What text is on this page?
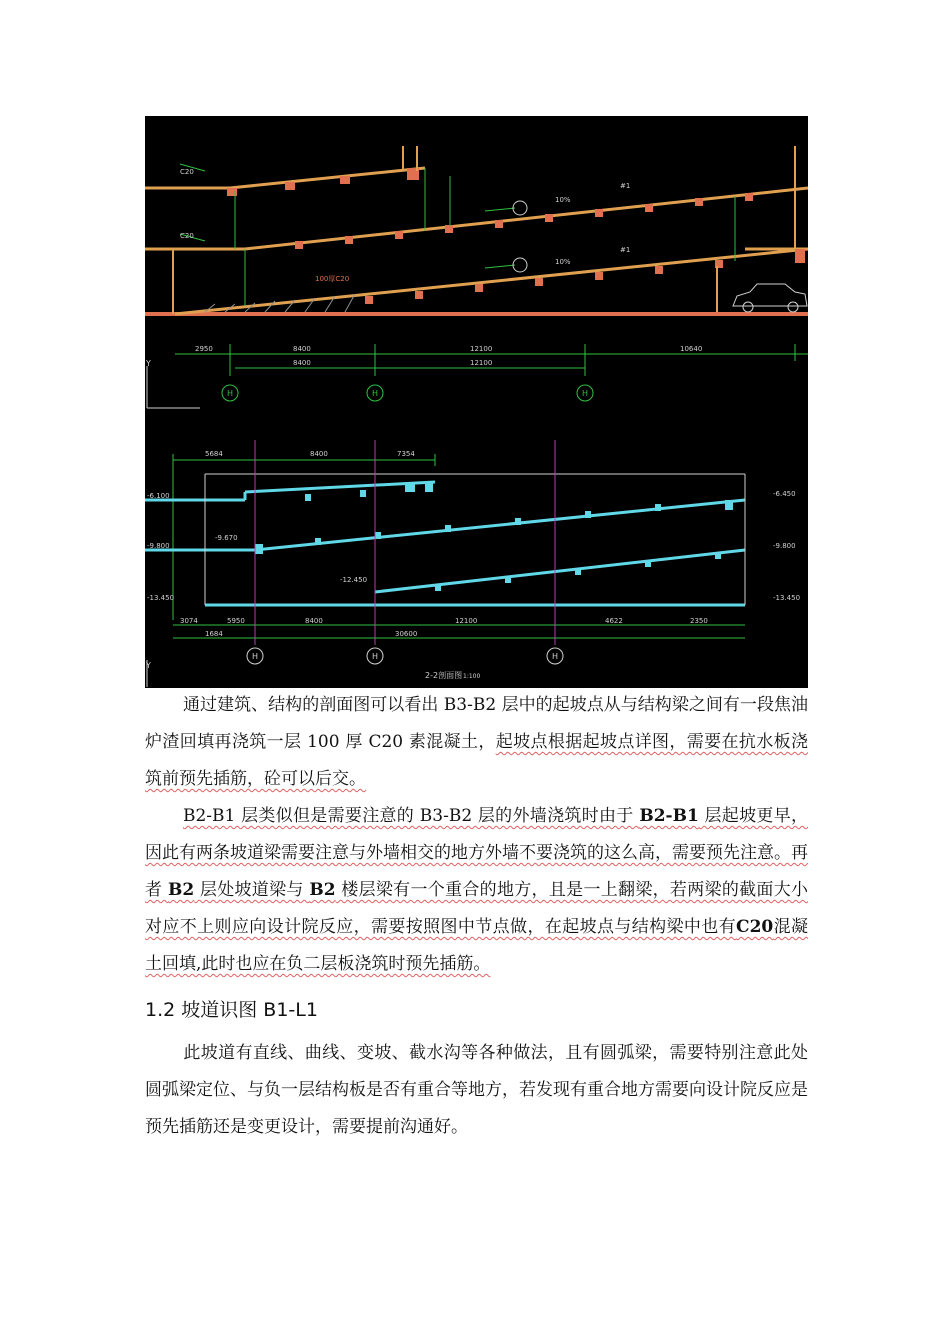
C20
C20
100厚C20
10%
10%
#1
#1
2950	8400	12100	10640
8400	12100
H	H	H
Y
5684	8400	7354
-6.100
-9.800
-13.450
-6.450
-9.800
-13.450
-9.670
-12.450
3074	5950	8400	12100	4622	2350
1684	30600
H	H	H
2-2剖面图 1:100
Y

通过建筑、结构的剖面图可以看出 B3-B2 层中的起坡点从与结构梁之间有一段焦油炉渣回填再浇筑一层 100 厚 C20 素混凝土，起坡点根据起坡点详图，需要在抗水板浇筑前预先插筋，砼可以后交。

B2-B1 层类似但是需要注意的 B3-B2 层的外墙浇筑时由于 B2-B1 层起坡更早，因此有两条坡道梁需要注意与外墙相交的地方外墙不要浇筑的这么高，需要预先注意。再者 B2 层处坡道梁与 B2 楼层梁有一个重合的地方，且是一上翻梁，若两梁的截面大小对应不上则应向设计院反应，需要按照图中节点做，在起坡点与结构梁中也有C20混凝土回填,此时也应在负二层板浇筑时预先插筋。

1.2 坡道识图 B1-L1

此坡道有直线、曲线、变坡、截水沟等各种做法，且有圆弧梁，需要特别注意此处圆弧梁定位、与负一层结构板是否有重合等地方，若发现有重合地方需要向设计院反应是预先插筋还是变更设计，需要提前沟通好。
